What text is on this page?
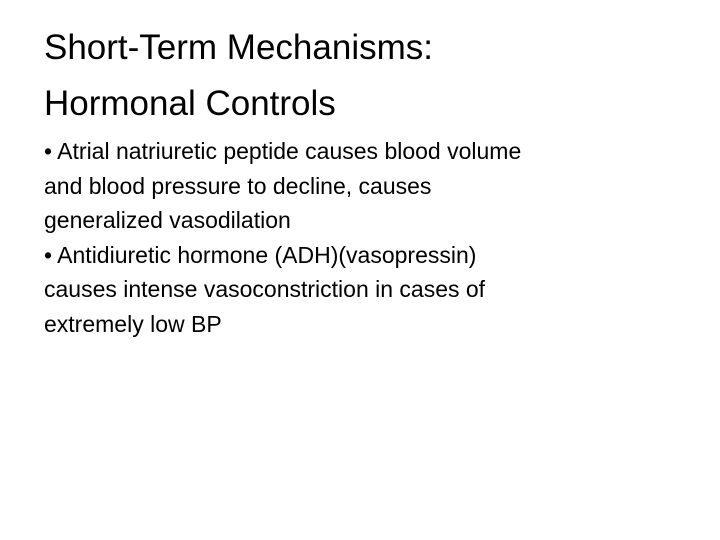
Short-Term Mechanisms:
Hormonal Controls
• Atrial natriuretic peptide causes blood volume
and blood pressure to decline, causes
generalized vasodilation
• Antidiuretic hormone (ADH)(vasopressin)
causes intense vasoconstriction in cases of
extremely low BP
